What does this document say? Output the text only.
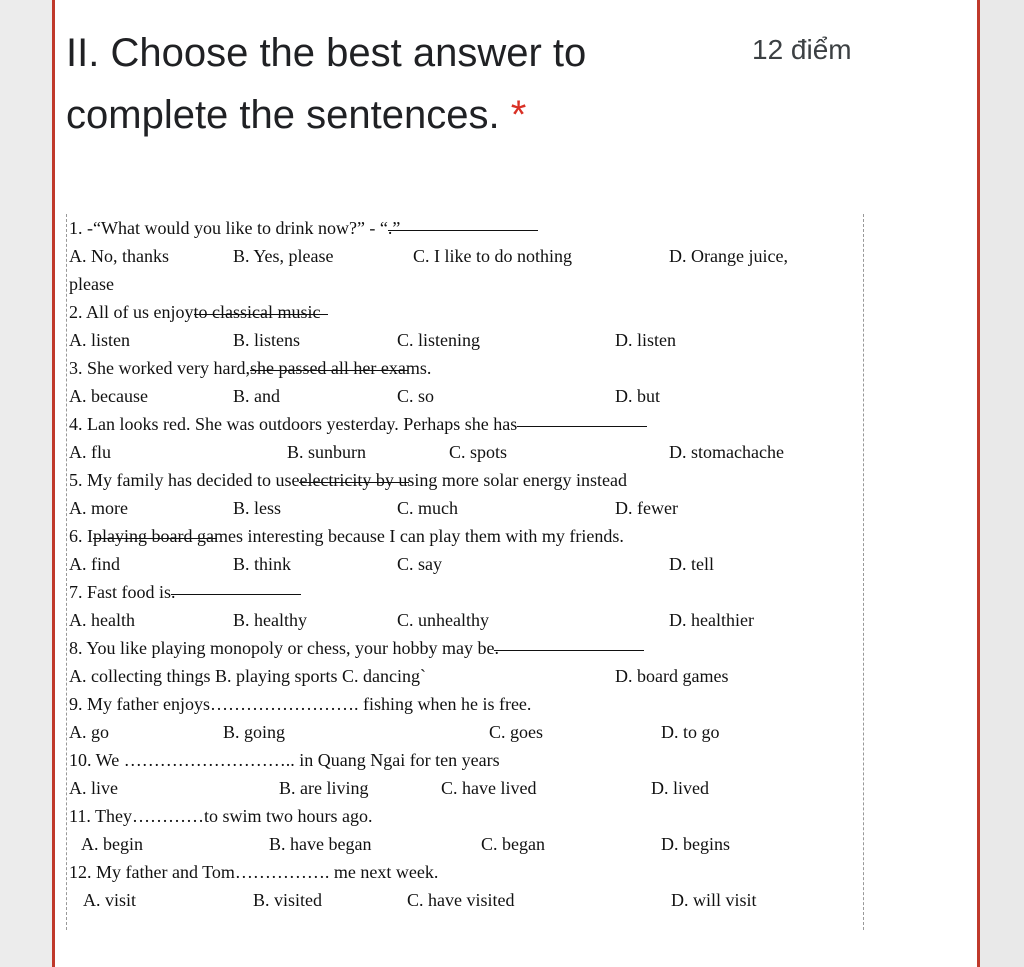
II. Choose the best answer to
complete the sentences. *
12 điểm
1. -“What would you like to drink now?” - “
.”
A. No, thanks	B. Yes, please	C. I like to do nothing	D. Orange juice,
please
2. All of us enjoy
to classical music
A. listen	B. listens	C. listening	D. listen
3. She worked very hard,
she passed all her exams.
A. because	B. and	C. so	D. but
4. Lan looks red. She was outdoors yesterday. Perhaps she has
A. flu	B. sunburn	C. spots	D. stomachache
5. My family has decided to use
electricity by using more solar energy instead
A. more	B. less	C. much	D. fewer
6. I
playing board games interesting because I can play them with my friends.
A. find	B. think	C. say	D. tell
7. Fast food is
.
A. health	B. healthy	C. unhealthy	D. healthier
8. You like playing monopoly or chess, your hobby may be
.
A. collecting things B. playing sports C. dancing`	D. board games
9. My father enjoys……………………. fishing when he is free.
A. go	B. going	C. goes	D. to go
10. We ……………………….. in Quang Ngai for ten years
A. live	B. are living	C. have lived	D. lived
11. They…………to swim two hours ago.
A. begin	B. have began	C. began	D. begins
12. My father and Tom……………. me next week.
A. visit	B. visited	C. have visited	D. will visit
